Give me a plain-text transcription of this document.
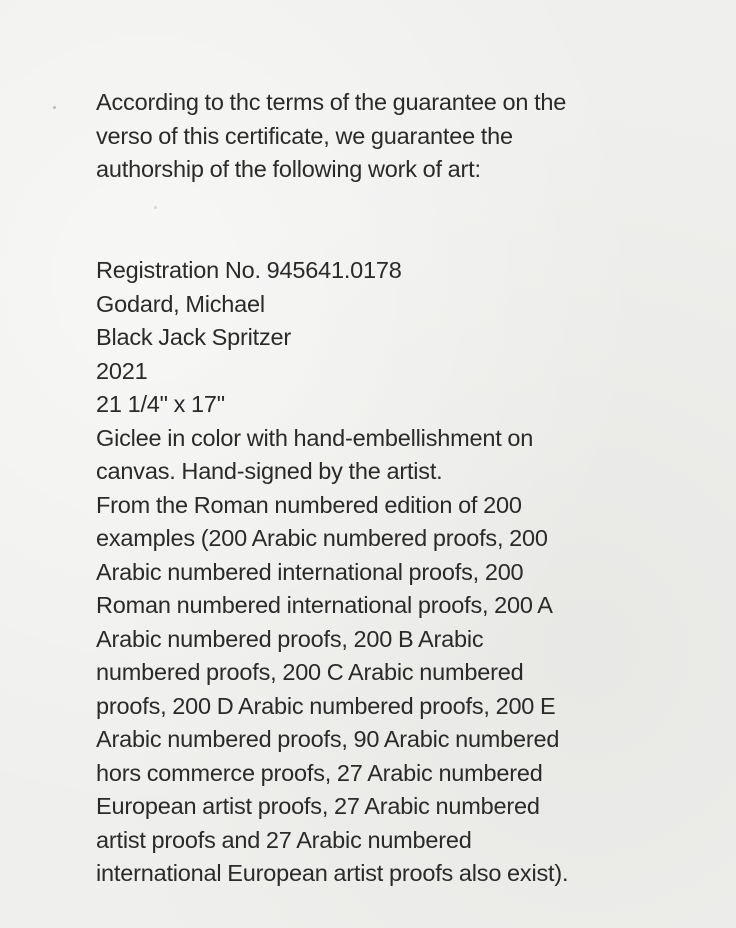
According to thc terms of the guarantee on the
verso of this certificate, we guarantee the
authorship of the following work of art:
Registration No. 945641.0178
Godard, Michael
Black Jack Spritzer
2021
21 1/4" x 17"
Giclee in color with hand-embellishment on
canvas. Hand-signed by the artist.
From the Roman numbered edition of 200
examples (200 Arabic numbered proofs, 200
Arabic numbered international proofs, 200
Roman numbered international proofs, 200 A
Arabic numbered proofs, 200 B Arabic
numbered proofs, 200 C Arabic numbered
proofs, 200 D Arabic numbered proofs, 200 E
Arabic numbered proofs, 90 Arabic numbered
hors commerce proofs, 27 Arabic numbered
European artist proofs, 27 Arabic numbered
artist proofs and 27 Arabic numbered
international European artist proofs also exist).
